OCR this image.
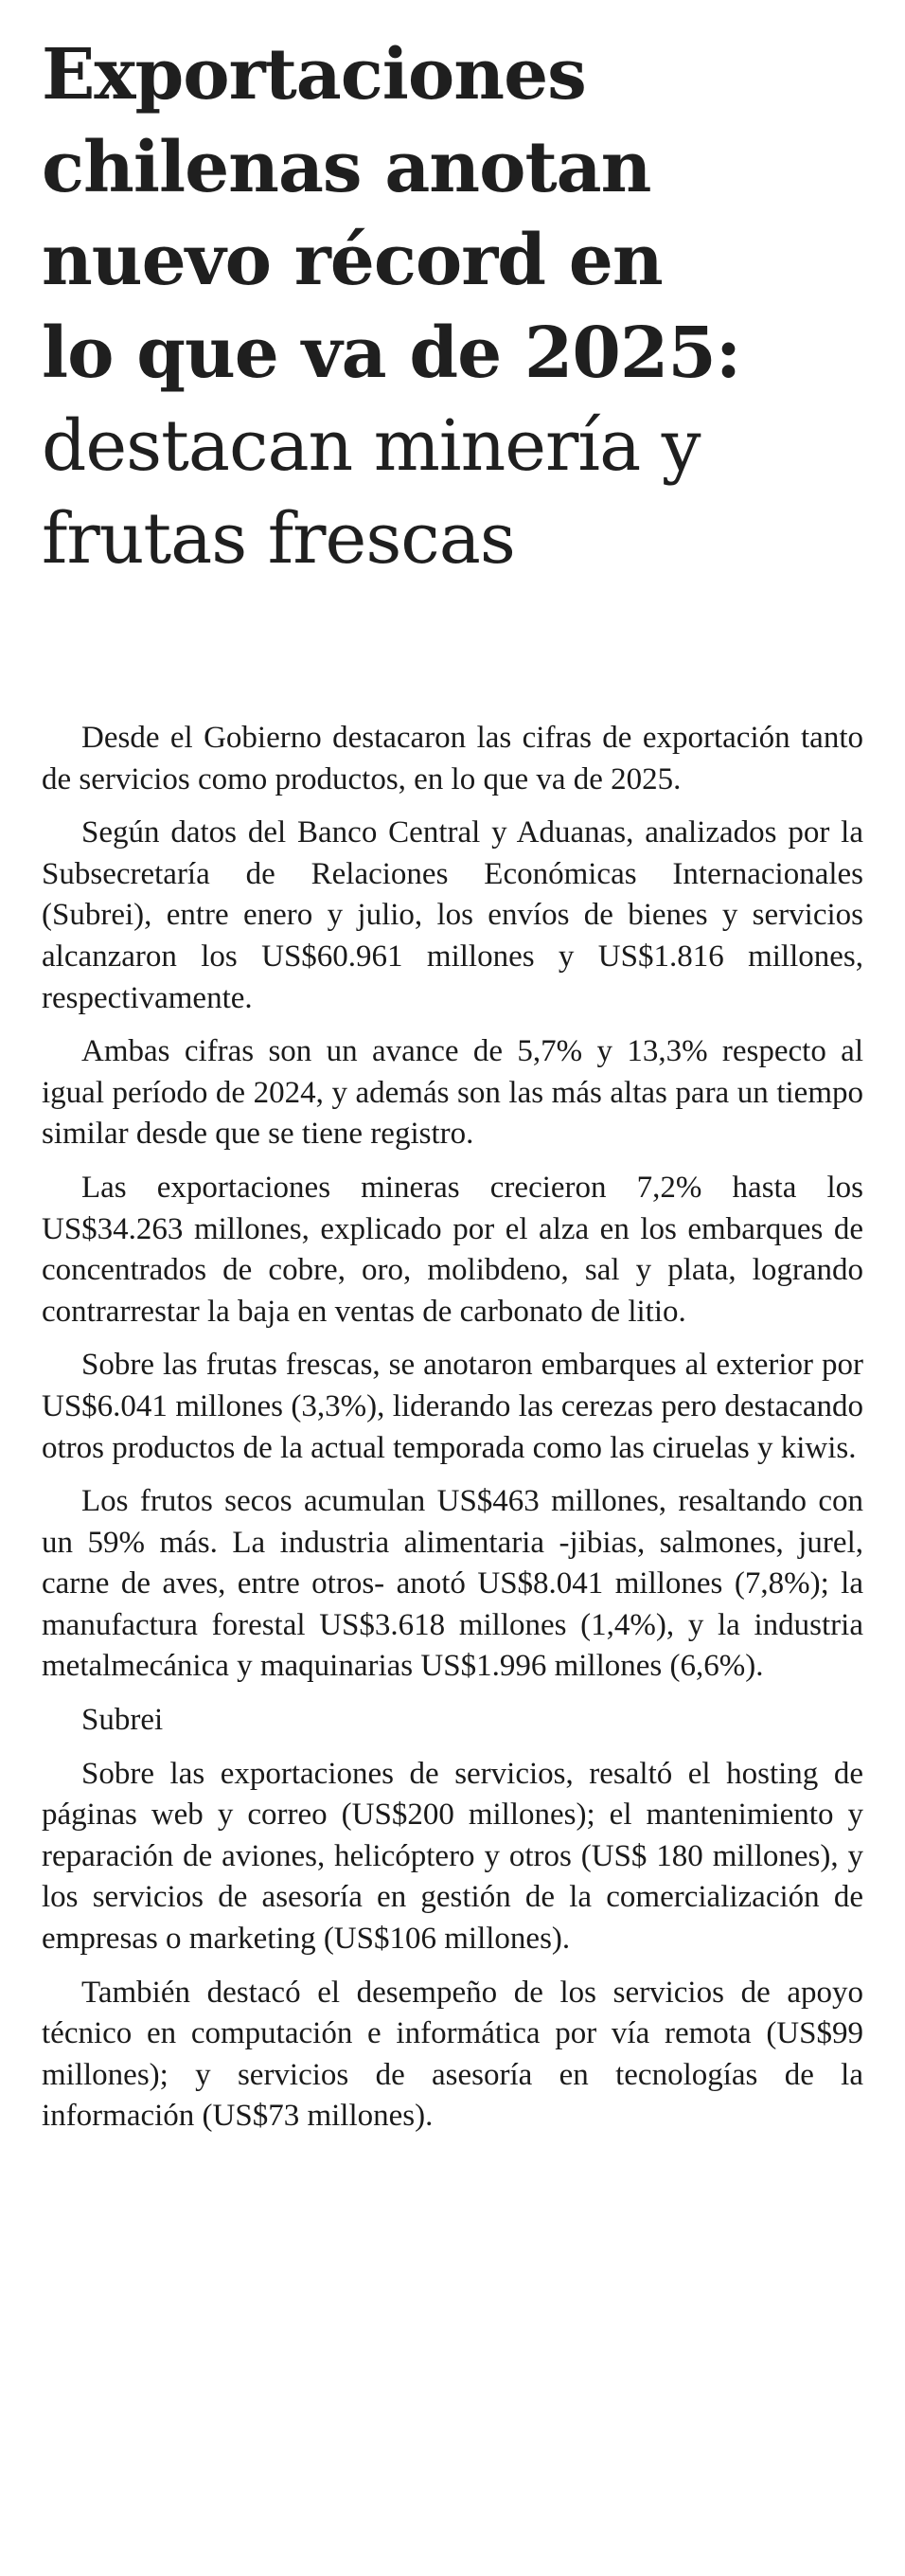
Exportaciones
chilenas anotan
nuevo récord en
lo que va de 2025:
destacan minería y
frutas frescas

Desde el Gobierno destacaron las cifras de exportación tanto de servicios como productos, en lo que va de 2025.

Según datos del Banco Central y Aduanas, analizados por la Subsecretaría de Relaciones Económicas Internacionales (Subrei), entre enero y julio, los envíos de bienes y servicios alcanzaron los US$60.961 millones y US$1.816 millones, respectivamente.

Ambas cifras son un avance de 5,7% y 13,3% respecto al igual período de 2024, y además son las más altas para un tiempo similar desde que se tiene registro.

Las exportaciones mineras crecieron 7,2% hasta los US$34.263 millones, explicado por el alza en los embarques de concentrados de cobre, oro, molibdeno, sal y plata, logrando contrarrestar la baja en ventas de carbonato de litio.

Sobre las frutas frescas, se anotaron embarques al exterior por US$6.041 millones (3,3%), liderando las cerezas pero destacando otros productos de la actual temporada como las ciruelas y kiwis.

Los frutos secos acumulan US$463 millones, resaltando con un 59% más. La industria alimentaria -jibias, salmones, jurel, carne de aves, entre otros- anotó US$8.041 millones (7,8%); la manufactura forestal US$3.618 millones (1,4%), y la industria metalmecánica y maquinarias US$1.996 millones (6,6%).

Subrei

Sobre las exportaciones de servicios, resaltó el hosting de páginas web y correo (US$200 millones); el mantenimiento y reparación de aviones, helicóptero y otros (US$ 180 millones), y los servicios de asesoría en gestión de la comercialización de empresas o marketing (US$106 millones).

También destacó el desempeño de los servicios de apoyo técnico en computación e informática por vía remota (US$99 millones); y servicios de asesoría en tecnologías de la información (US$73 millones).
